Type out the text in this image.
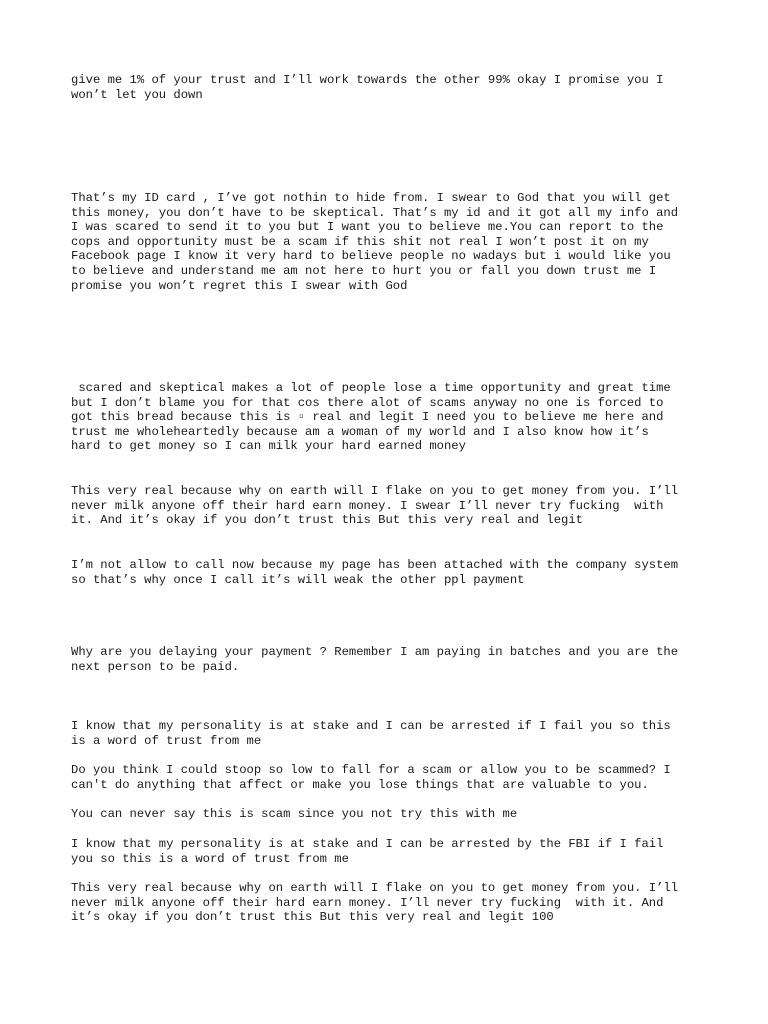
give me 1% of your trust and I’ll work towards the other 99% okay I promise you I
won’t let you down

That’s my ID card , I’ve got nothin to hide from. I swear to God that you will get
this money, you don’t have to be skeptical. That’s my id and it got all my info and
I was scared to send it to you but I want you to believe me.You can report to the
cops and opportunity must be a scam if this shit not real I won’t post it on my
Facebook page I know it very hard to believe people no wadays but i would like you
to believe and understand me am not here to hurt you or fall you down trust me I
promise you won’t regret this I swear with God

scared and skeptical makes a lot of people lose a time opportunity and great time
but I don’t blame you for that cos there alot of scams anyway no one is forced to
got this bread because this is ▫ real and legit I need you to believe me here and
trust me wholeheartedly because am a woman of my world and I also know how it’s
hard to get money so I can milk your hard earned money

This very real because why on earth will I flake on you to get money from you. I’ll
never milk anyone off their hard earn money. I swear I’ll never try fucking  with
it. And it’s okay if you don’t trust this But this very real and legit

I’m not allow to call now because my page has been attached with the company system
so that’s why once I call it’s will weak the other ppl payment

Why are you delaying your payment ? Remember I am paying in batches and you are the
next person to be paid.

I know that my personality is at stake and I can be arrested if I fail you so this
is a word of trust from me

Do you think I could stoop so low to fall for a scam or allow you to be scammed? I
can't do anything that affect or make you lose things that are valuable to you.

You can never say this is scam since you not try this with me

I know that my personality is at stake and I can be arrested by the FBI if I fail
you so this is a word of trust from me

This very real because why on earth will I flake on you to get money from you. I’ll
never milk anyone off their hard earn money. I’ll never try fucking  with it. And
it’s okay if you don’t trust this But this very real and legit 100
